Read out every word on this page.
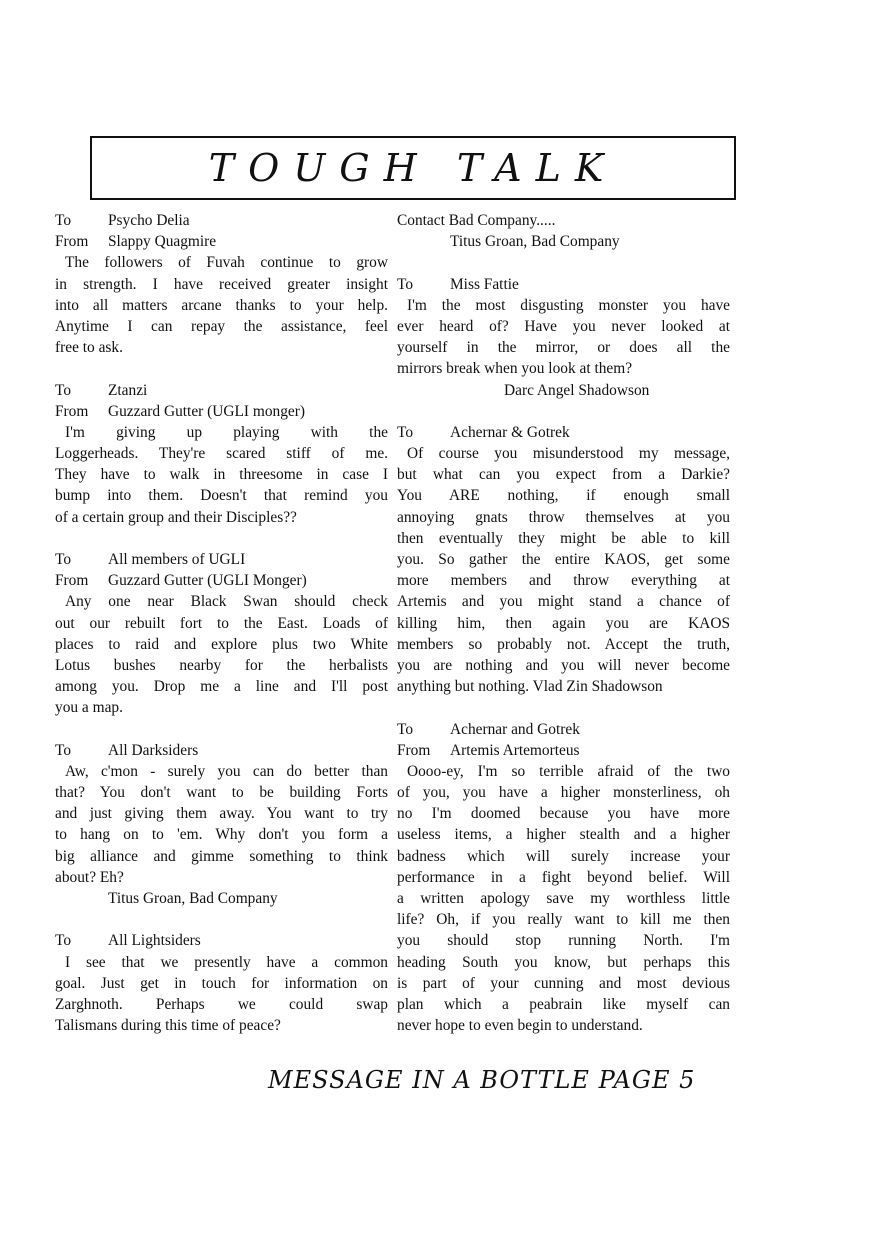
TOUGH TALK
To	Psycho Delia
From	Slappy Quagmire
The followers of Fuvah continue to grow
in strength. I have received greater insight
into all matters arcane thanks to your help.
Anytime I can repay the assistance, feel
free to ask.
To	Ztanzi
From	Guzzard Gutter (UGLI monger)
I'm giving up playing with the
Loggerheads. They're scared stiff of me.
They have to walk in threesome in case I
bump into them. Doesn't that remind you
of a certain group and their Disciples??
To	All members of UGLI
From	Guzzard Gutter (UGLI Monger)
Any one near Black Swan should check
out our rebuilt fort to the East. Loads of
places to raid and explore plus two White
Lotus bushes nearby for the herbalists
among you. Drop me a line and I'll post
you a map.
To	All Darksiders
Aw, c'mon - surely you can do better than
that? You don't want to be building Forts
and just giving them away. You want to try
to hang on to 'em. Why don't you form a
big alliance and gimme something to think
about? Eh?
Titus Groan, Bad Company
To	All Lightsiders
I see that we presently have a common
goal. Just get in touch for information on
Zarghnoth. Perhaps we could swap
Talismans during this time of peace?
Contact Bad Company.....
Titus Groan, Bad Company
To	Miss Fattie
I'm the most disgusting monster you have
ever heard of? Have you never looked at
yourself in the mirror, or does all the
mirrors break when you look at them?
Darc Angel Shadowson
To	Achernar & Gotrek
Of course you misunderstood my message,
but what can you expect from a Darkie?
You ARE nothing, if enough small
annoying gnats throw themselves at you
then eventually they might be able to kill
you. So gather the entire KAOS, get some
more members and throw everything at
Artemis and you might stand a chance of
killing him, then again you are KAOS
members so probably not. Accept the truth,
you are nothing and you will never become
anything but nothing. Vlad Zin Shadowson
To	Achernar and Gotrek
From	Artemis Artemorteus
Oooo-ey, I'm so terrible afraid of the two
of you, you have a higher monsterliness, oh
no I'm doomed because you have more
useless items, a higher stealth and a higher
badness which will surely increase your
performance in a fight beyond belief. Will
a written apology save my worthless little
life? Oh, if you really want to kill me then
you should stop running North. I'm
heading South you know, but perhaps this
is part of your cunning and most devious
plan which a peabrain like myself can
never hope to even begin to understand.
MESSAGE IN A BOTTLE PAGE 5
